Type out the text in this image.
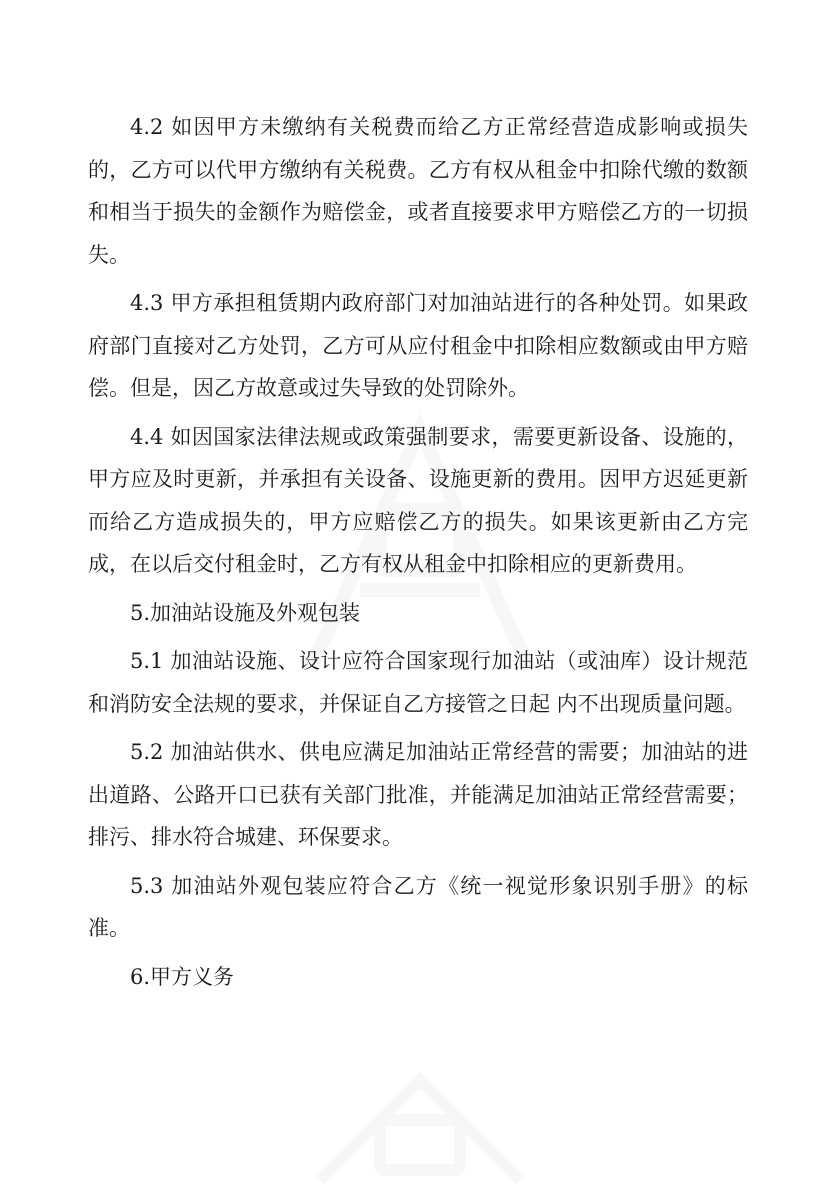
4.2 如因甲方未缴纳有关税费而给乙方正常经营造成影响或损失的，乙方可以代甲方缴纳有关税费。乙方有权从租金中扣除代缴的数额和相当于损失的金额作为赔偿金，或者直接要求甲方赔偿乙方的一切损失。

4.3 甲方承担租赁期内政府部门对加油站进行的各种处罚。如果政府部门直接对乙方处罚，乙方可从应付租金中扣除相应数额或由甲方赔偿。但是，因乙方故意或过失导致的处罚除外。

4.4 如因国家法律法规或政策强制要求，需要更新设备、设施的，甲方应及时更新，并承担有关设备、设施更新的费用。因甲方迟延更新而给乙方造成损失的，甲方应赔偿乙方的损失。如果该更新由乙方完成，在以后交付租金时，乙方有权从租金中扣除相应的更新费用。

5.加油站设施及外观包装

5.1 加油站设施、设计应符合国家现行加油站（或油库）设计规范和消防安全法规的要求，并保证自乙方接管之日起 内不出现质量问题。

5.2 加油站供水、供电应满足加油站正常经营的需要；加油站的进出道路、公路开口已获有关部门批准，并能满足加油站正常经营需要；排污、排水符合城建、环保要求。

5.3 加油站外观包装应符合乙方《统一视觉形象识别手册》的标准。

6.甲方义务
